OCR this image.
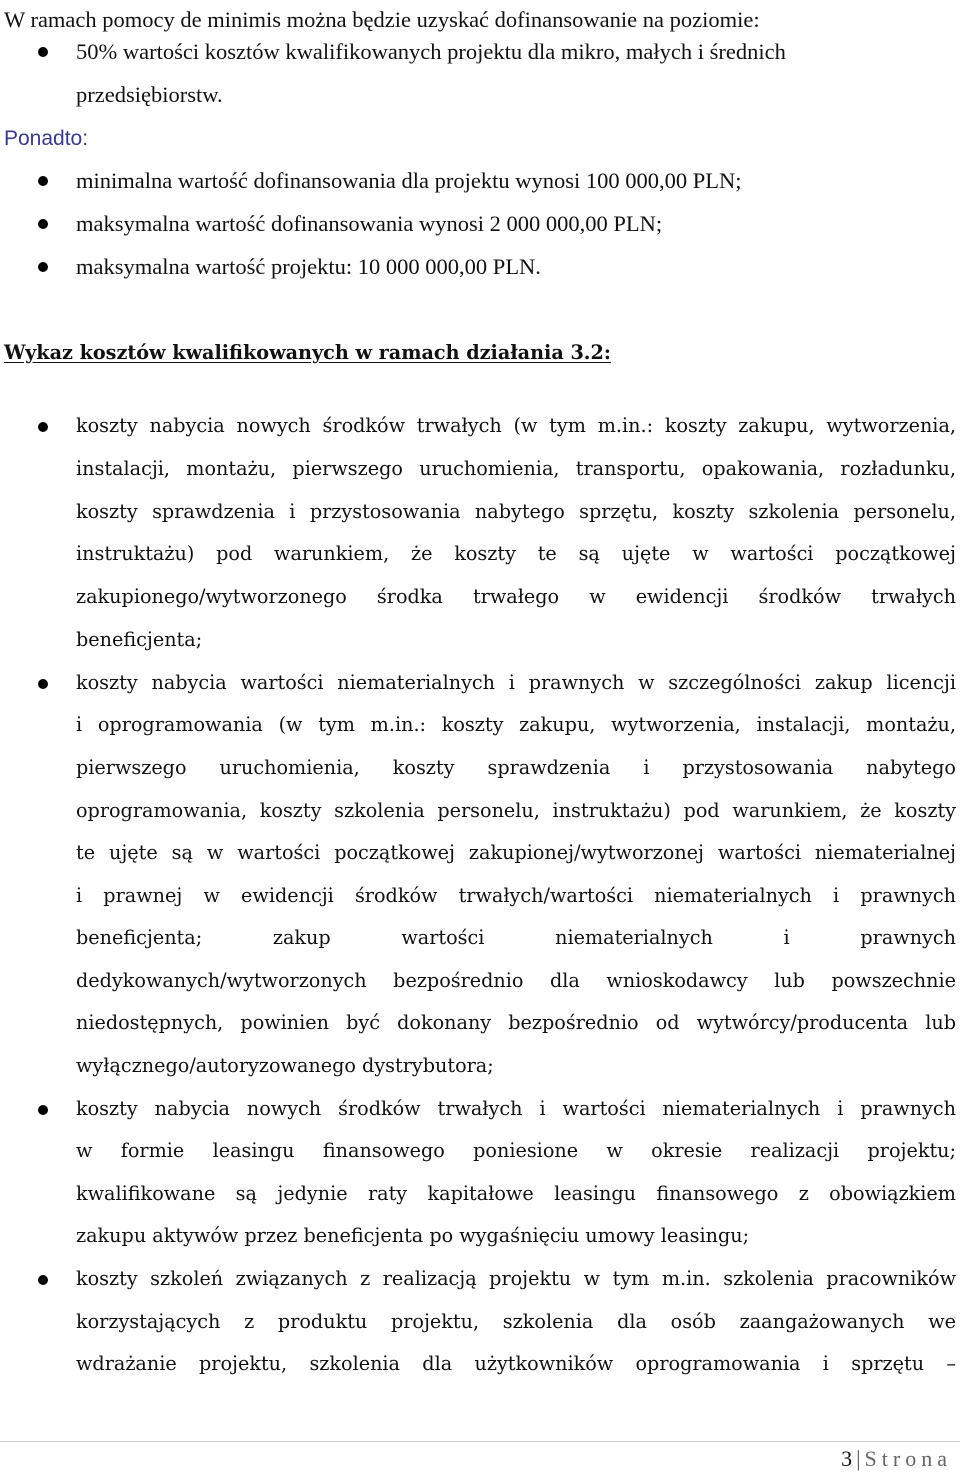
W ramach pomocy de minimis można będzie uzyskać dofinansowanie na poziomie:
50% wartości kosztów kwalifikowanych projektu dla mikro, małych i średnich
przedsiębiorstw.
Ponadto:
minimalna wartość dofinansowania dla projektu wynosi 100 000,00 PLN;
maksymalna wartość dofinansowania wynosi 2 000 000,00 PLN;
maksymalna wartość projektu: 10 000 000,00 PLN.
Wykaz kosztów kwalifikowanych w ramach działania 3.2:
koszty nabycia nowych środków trwałych (w tym m.in.: koszty zakupu, wytworzenia,
instalacji, montażu, pierwszego uruchomienia, transportu, opakowania, rozładunku,
koszty sprawdzenia i przystosowania nabytego sprzętu, koszty szkolenia personelu,
instruktażu) pod warunkiem, że koszty te są ujęte w wartości początkowej
zakupionego/wytworzonego środka trwałego w ewidencji środków trwałych
beneficjenta;
koszty nabycia wartości niematerialnych i prawnych w szczególności zakup licencji
i oprogramowania (w tym m.in.: koszty zakupu, wytworzenia, instalacji, montażu,
pierwszego uruchomienia, koszty sprawdzenia i przystosowania nabytego
oprogramowania, koszty szkolenia personelu, instruktażu) pod warunkiem, że koszty
te ujęte są w wartości początkowej zakupionej/wytworzonej wartości niematerialnej
i prawnej w ewidencji środków trwałych/wartości niematerialnych i prawnych
beneficjenta; zakup wartości niematerialnych i prawnych
dedykowanych/wytworzonych bezpośrednio dla wnioskodawcy lub powszechnie
niedostępnych, powinien być dokonany bezpośrednio od wytwórcy/producenta lub
wyłącznego/autoryzowanego dystrybutora;
koszty nabycia nowych środków trwałych i wartości niematerialnych i prawnych
w formie leasingu finansowego poniesione w okresie realizacji projektu;
kwalifikowane są jedynie raty kapitałowe leasingu finansowego z obowiązkiem
zakupu aktywów przez beneficjenta po wygaśnięciu umowy leasingu;
koszty szkoleń związanych z realizacją projektu w tym m.in. szkolenia pracowników
korzystających z produktu projektu, szkolenia dla osób zaangażowanych we
wdrażanie projektu, szkolenia dla użytkowników oprogramowania i sprzętu –
3 | Strona
